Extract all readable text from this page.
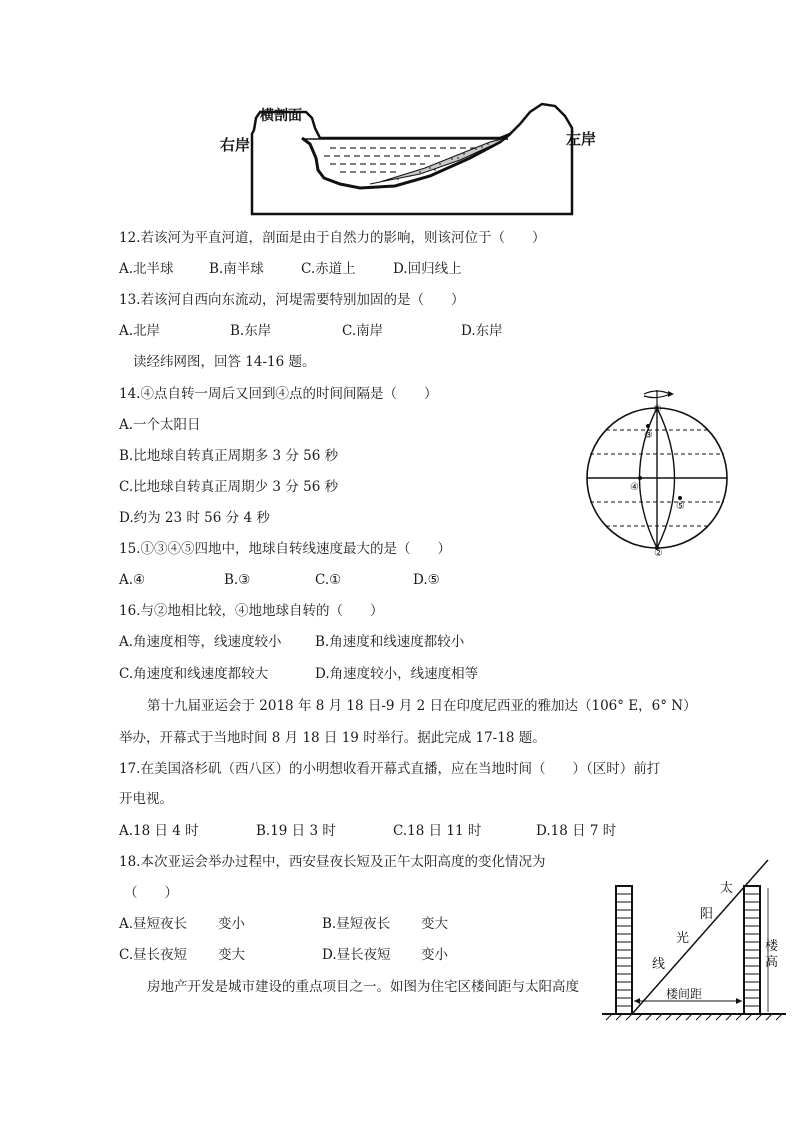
横剖面
右岸	左岸
12.若该河为平直河道，剖面是由于自然力的影响，则该河位于（　　）
A.北半球	B.南半球	C.赤道上	D.回归线上
13.若该河自西向东流动，河堤需要特别加固的是（　　）
A.北岸	B.东岸	C.南岸	D.东岸
读经纬网图，回答 14-16 题。
14.④点自转一周后又回到④点的时间间隔是（　　）
A.一个太阳日
B.比地球自转真正周期多 3 分 56 秒
C.比地球自转真正周期少 3 分 56 秒
D.约为 23 时 56 分 4 秒
①
③
④
⑤
②
15.①③④⑤四地中，地球自转线速度最大的是（　　）
A.④	B.③	C.①	D.⑤
16.与②地相比较，④地地球自转的（　　）
A.角速度相等，线速度较小 B.角速度和线速度都较小
C.角速度和线速度都较大	D.角速度较小，线速度相等
第十九届亚运会于 2018 年 8 月 18 日-9 月 2 日在印度尼西亚的雅加达（106° E，6° N）
举办，开幕式于当地时间 8 月 18 日 19 时举行。据此完成 17-18 题。
17.在美国洛杉矶（西八区）的小明想收看开幕式直播，应在当地时间（　　）（区时）前打
开电视。
A.18 日 4 时	B.19 日 3 时	C.18 日 11 时	D.18 日 7 时
18.本次亚运会举办过程中，西安昼夜长短及正午太阳高度的变化情况为
（　　）
A.昼短夜长 变小	B.昼短夜长 变大
C.昼长夜短 变大	D.昼长夜短 变小
房地产开发是城市建设的重点项目之一。如图为住宅区楼间距与太阳高度
太
阳
光
线
楼
高
楼间距
